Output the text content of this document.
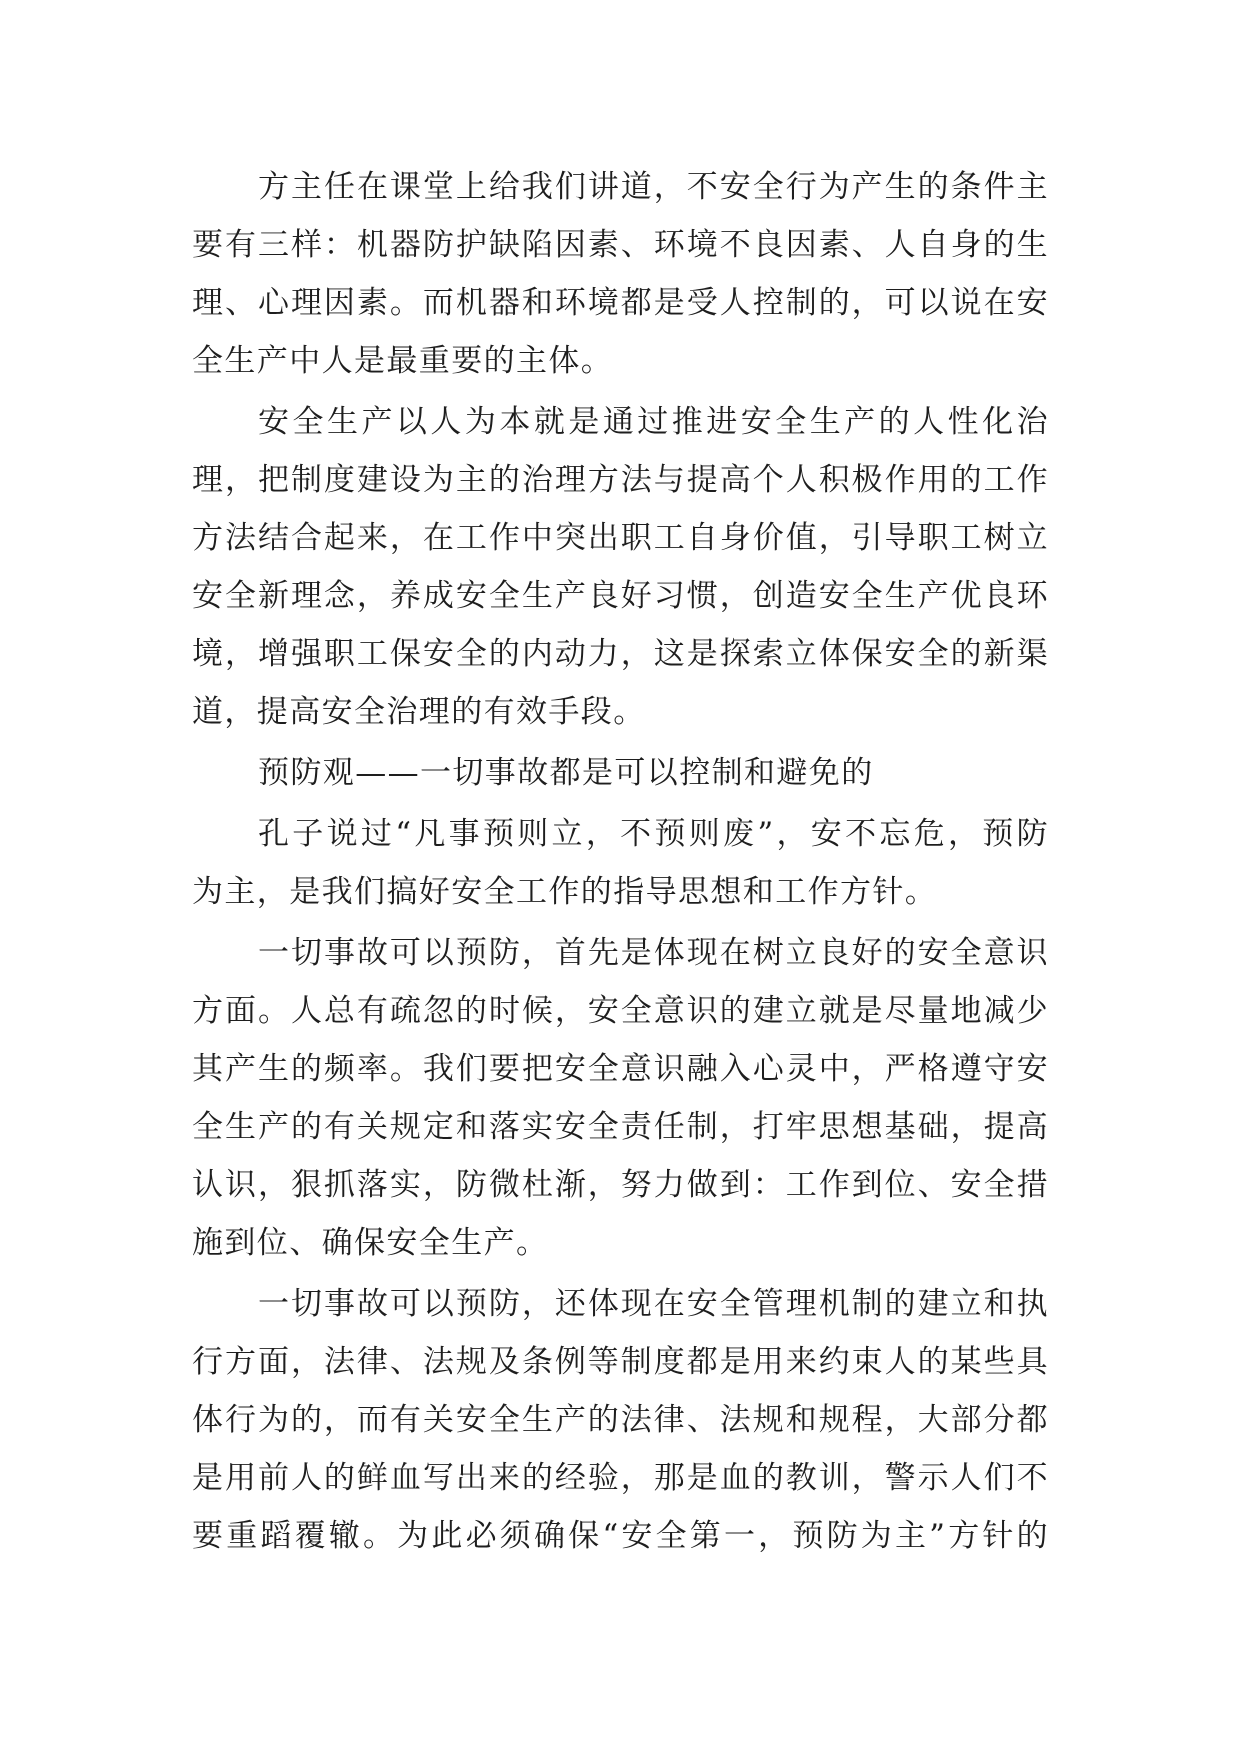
方主任在课堂上给我们讲道，不安全行为产生的条件主
要有三样：机器防护缺陷因素、环境不良因素、人自身的生
理、心理因素。而机器和环境都是受人控制的，可以说在安
全生产中人是最重要的主体。
安全生产以人为本就是通过推进安全生产的人性化治
理，把制度建设为主的治理方法与提高个人积极作用的工作
方法结合起来，在工作中突出职工自身价值，引导职工树立
安全新理念，养成安全生产良好习惯，创造安全生产优良环
境，增强职工保安全的内动力，这是探索立体保安全的新渠
道，提高安全治理的有效手段。
预防观——一切事故都是可以控制和避免的
孔子说过“凡事预则立，不预则废”，安不忘危，预防
为主，是我们搞好安全工作的指导思想和工作方针。
一切事故可以预防，首先是体现在树立良好的安全意识
方面。人总有疏忽的时候，安全意识的建立就是尽量地减少
其产生的频率。我们要把安全意识融入心灵中，严格遵守安
全生产的有关规定和落实安全责任制，打牢思想基础，提高
认识，狠抓落实，防微杜渐，努力做到：工作到位、安全措
施到位、确保安全生产。
一切事故可以预防，还体现在安全管理机制的建立和执
行方面，法律、法规及条例等制度都是用来约束人的某些具
体行为的，而有关安全生产的法律、法规和规程，大部分都
是用前人的鲜血写出来的经验，那是血的教训，警示人们不
要重蹈覆辙。为此必须确保“安全第一，预防为主”方针的
